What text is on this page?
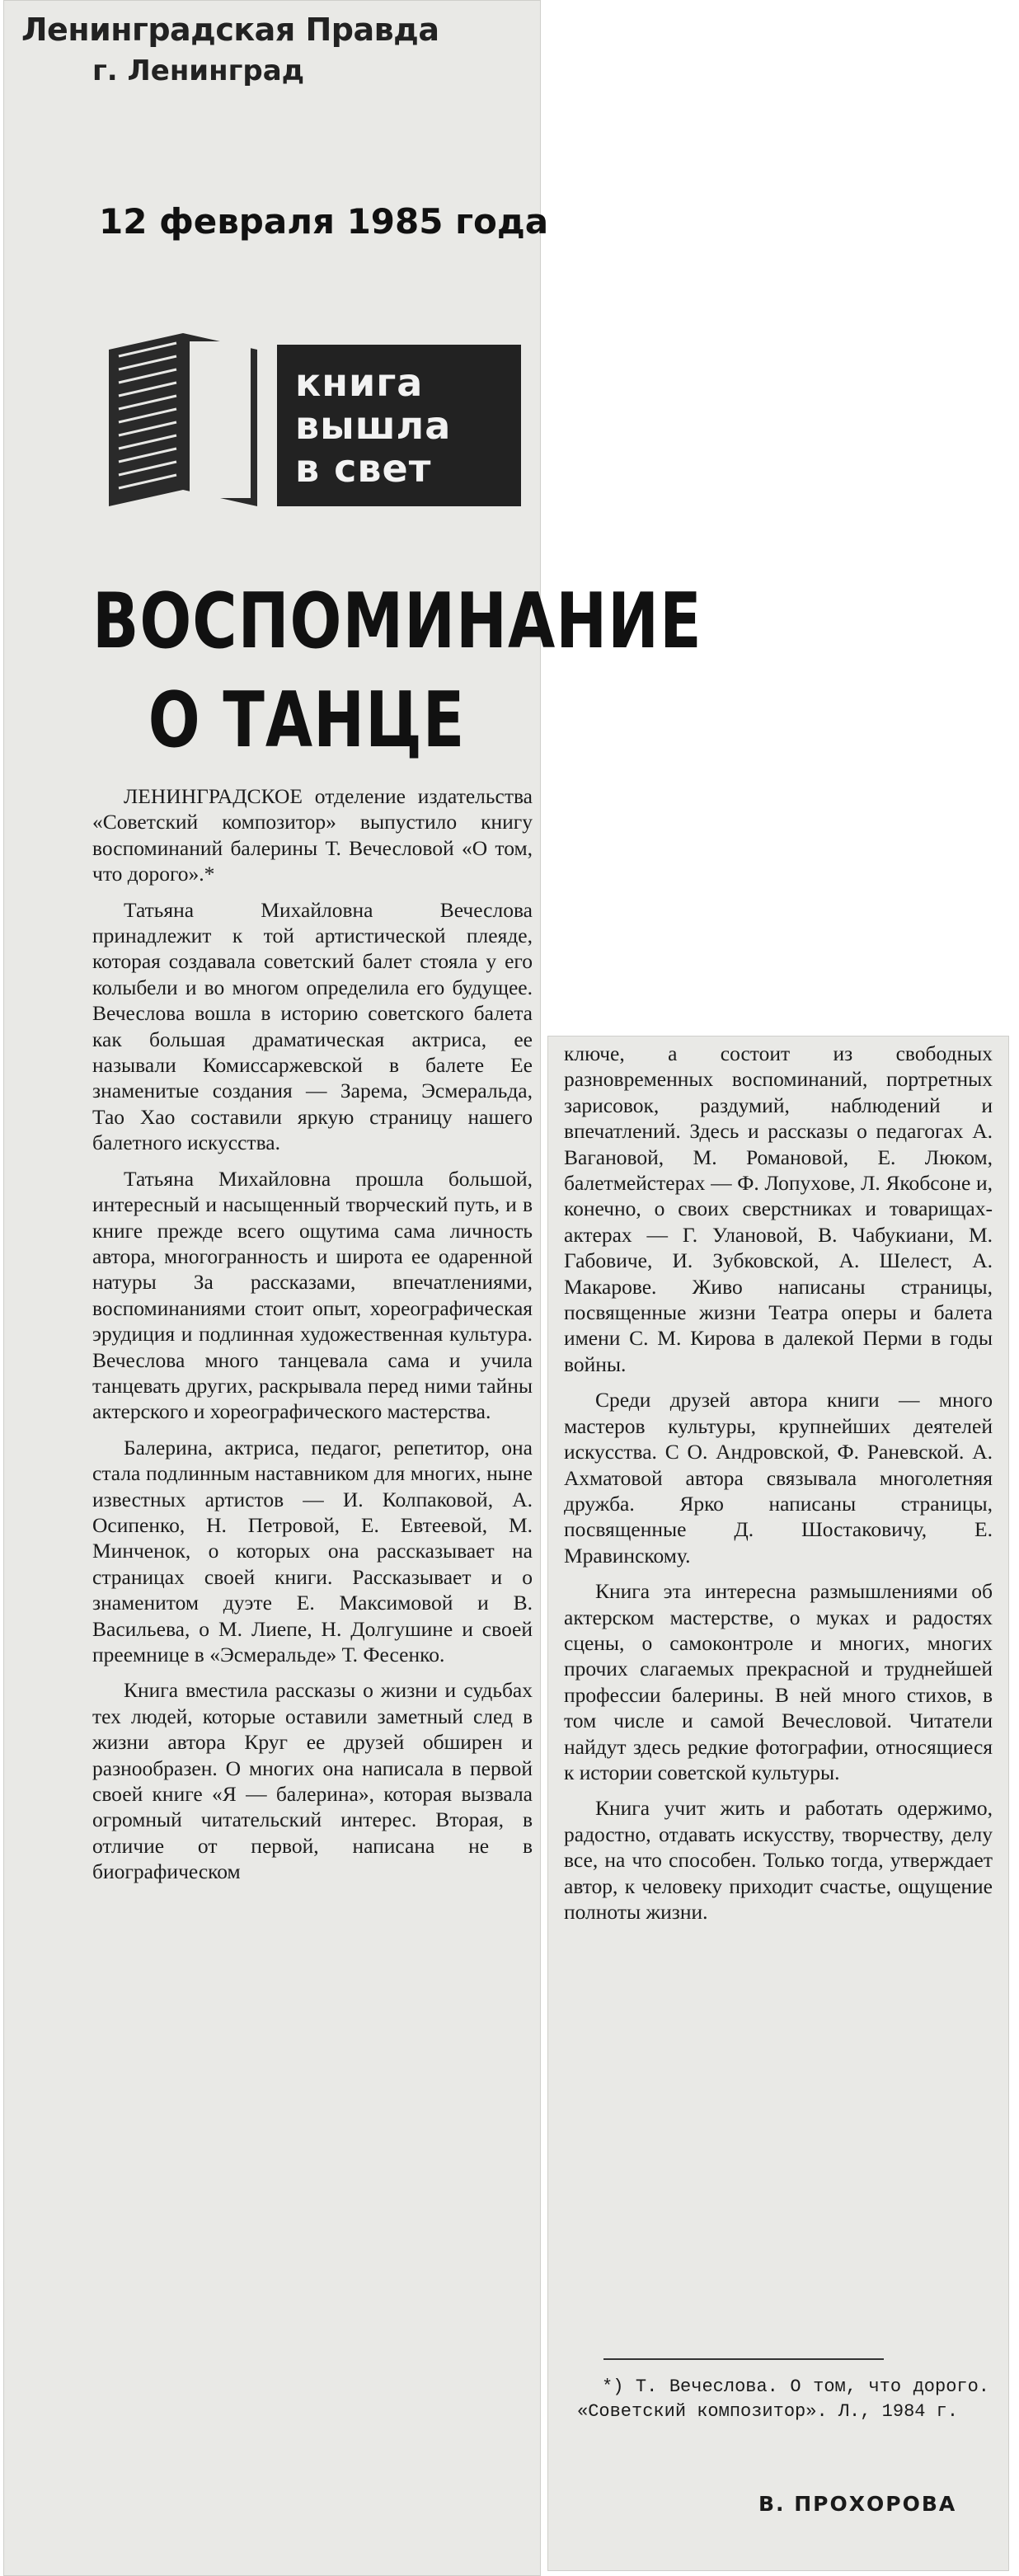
Ленинградская Правда
г. Ленинград
12 февраля 1985 года
книга
вышла
в свет
ВОСПОМИНАНИЕ
О ТАНЦЕ

ЛЕНИНГРАДСКОЕ отделение издательства «Советский композитор» выпустило книгу воспоминаний балерины Т. Вечесловой «О том, что дорого».*

Татьяна Михайловна Вечеслова принадлежит к той артистической плеяде, которая создавала советский балет стояла у его колыбели и во многом определила его будущее. Вечеслова вошла в историю советского балета как большая драматическая актриса, ее называли Комиссаржевской в балете Ее знаменитые создания — Зарема, Эсмеральда, Тао Хао составили яркую страницу нашего балетного искусства.

Татьяна Михайловна прошла большой, интересный и насыщенный творческий путь, и в книге прежде всего ощутима сама личность автора, многогранность и широта ее одаренной натуры За рассказами, впечатлениями, воспоминаниями стоит опыт, хореографическая эрудиция и подлинная художественная культура. Вечеслова много танцевала сама и учила танцевать других, раскрывала перед ними тайны актерского и хореографического мастерства.

Балерина, актриса, педагог, репетитор, она стала подлинным наставником для многих, ныне известных артистов — И. Колпаковой, А. Осипенко, Н. Петровой, Е. Евтеевой, М. Минченок, о которых она рассказывает на страницах своей книги. Рассказывает и о знаменитом дуэте Е. Максимовой и В. Васильева, о М. Лиепе, Н. Долгушине и своей преемнице в «Эсмеральде» Т. Фесенко.

Книга вместила рассказы о жизни и судьбах тех людей, которые оставили заметный след в жизни автора Круг ее друзей обширен и разнообразен. О многих она написала в первой своей книге «Я — балерина», которая вызвала огромный читательский интерес. Вторая, в отличие от первой, написана не в биографическом

ключе, а состоит из свободных разновременных воспоминаний, портретных зарисовок, раздумий, наблюдений и впечатлений. Здесь и рассказы о педагогах А. Вагановой, М. Романовой, Е. Люком, балетмейстерах — Ф. Лопухове, Л. Якобсоне и, конечно, о своих сверстниках и товарищах-актерах — Г. Улановой, В. Чабукиани, М. Габовиче, И. Зубковской, А. Шелест, А. Макарове. Живо написаны страницы, посвященные жизни Театра оперы и балета имени С. М. Кирова в далекой Перми в годы войны.

Среди друзей автора книги — много мастеров культуры, крупнейших деятелей искусства. С О. Андровской, Ф. Раневской. А. Ахматовой автора связывала многолетняя дружба. Ярко написаны страницы, посвященные Д. Шостаковичу, Е. Мравинскому.

Книга эта интересна размышлениями об актерском мастерстве, о муках и радостях сцены, о самоконтроле и многих, многих прочих слагаемых прекрасной и труднейшей профессии балерины. В ней много стихов, в том числе и самой Вечесловой. Читатели найдут здесь редкие фотографии, относящиеся к истории советской культуры.

Книга учит жить и работать одержимо, радостно, отдавать искусству, творчеству, делу все, на что способен. Только тогда, утверждает автор, к человеку приходит счастье, ощущение полноты жизни.

*) Т. Вечеслова. О том, что дорого. «Советский композитор». Л., 1984 г.
В. ПРОХОРОВА
